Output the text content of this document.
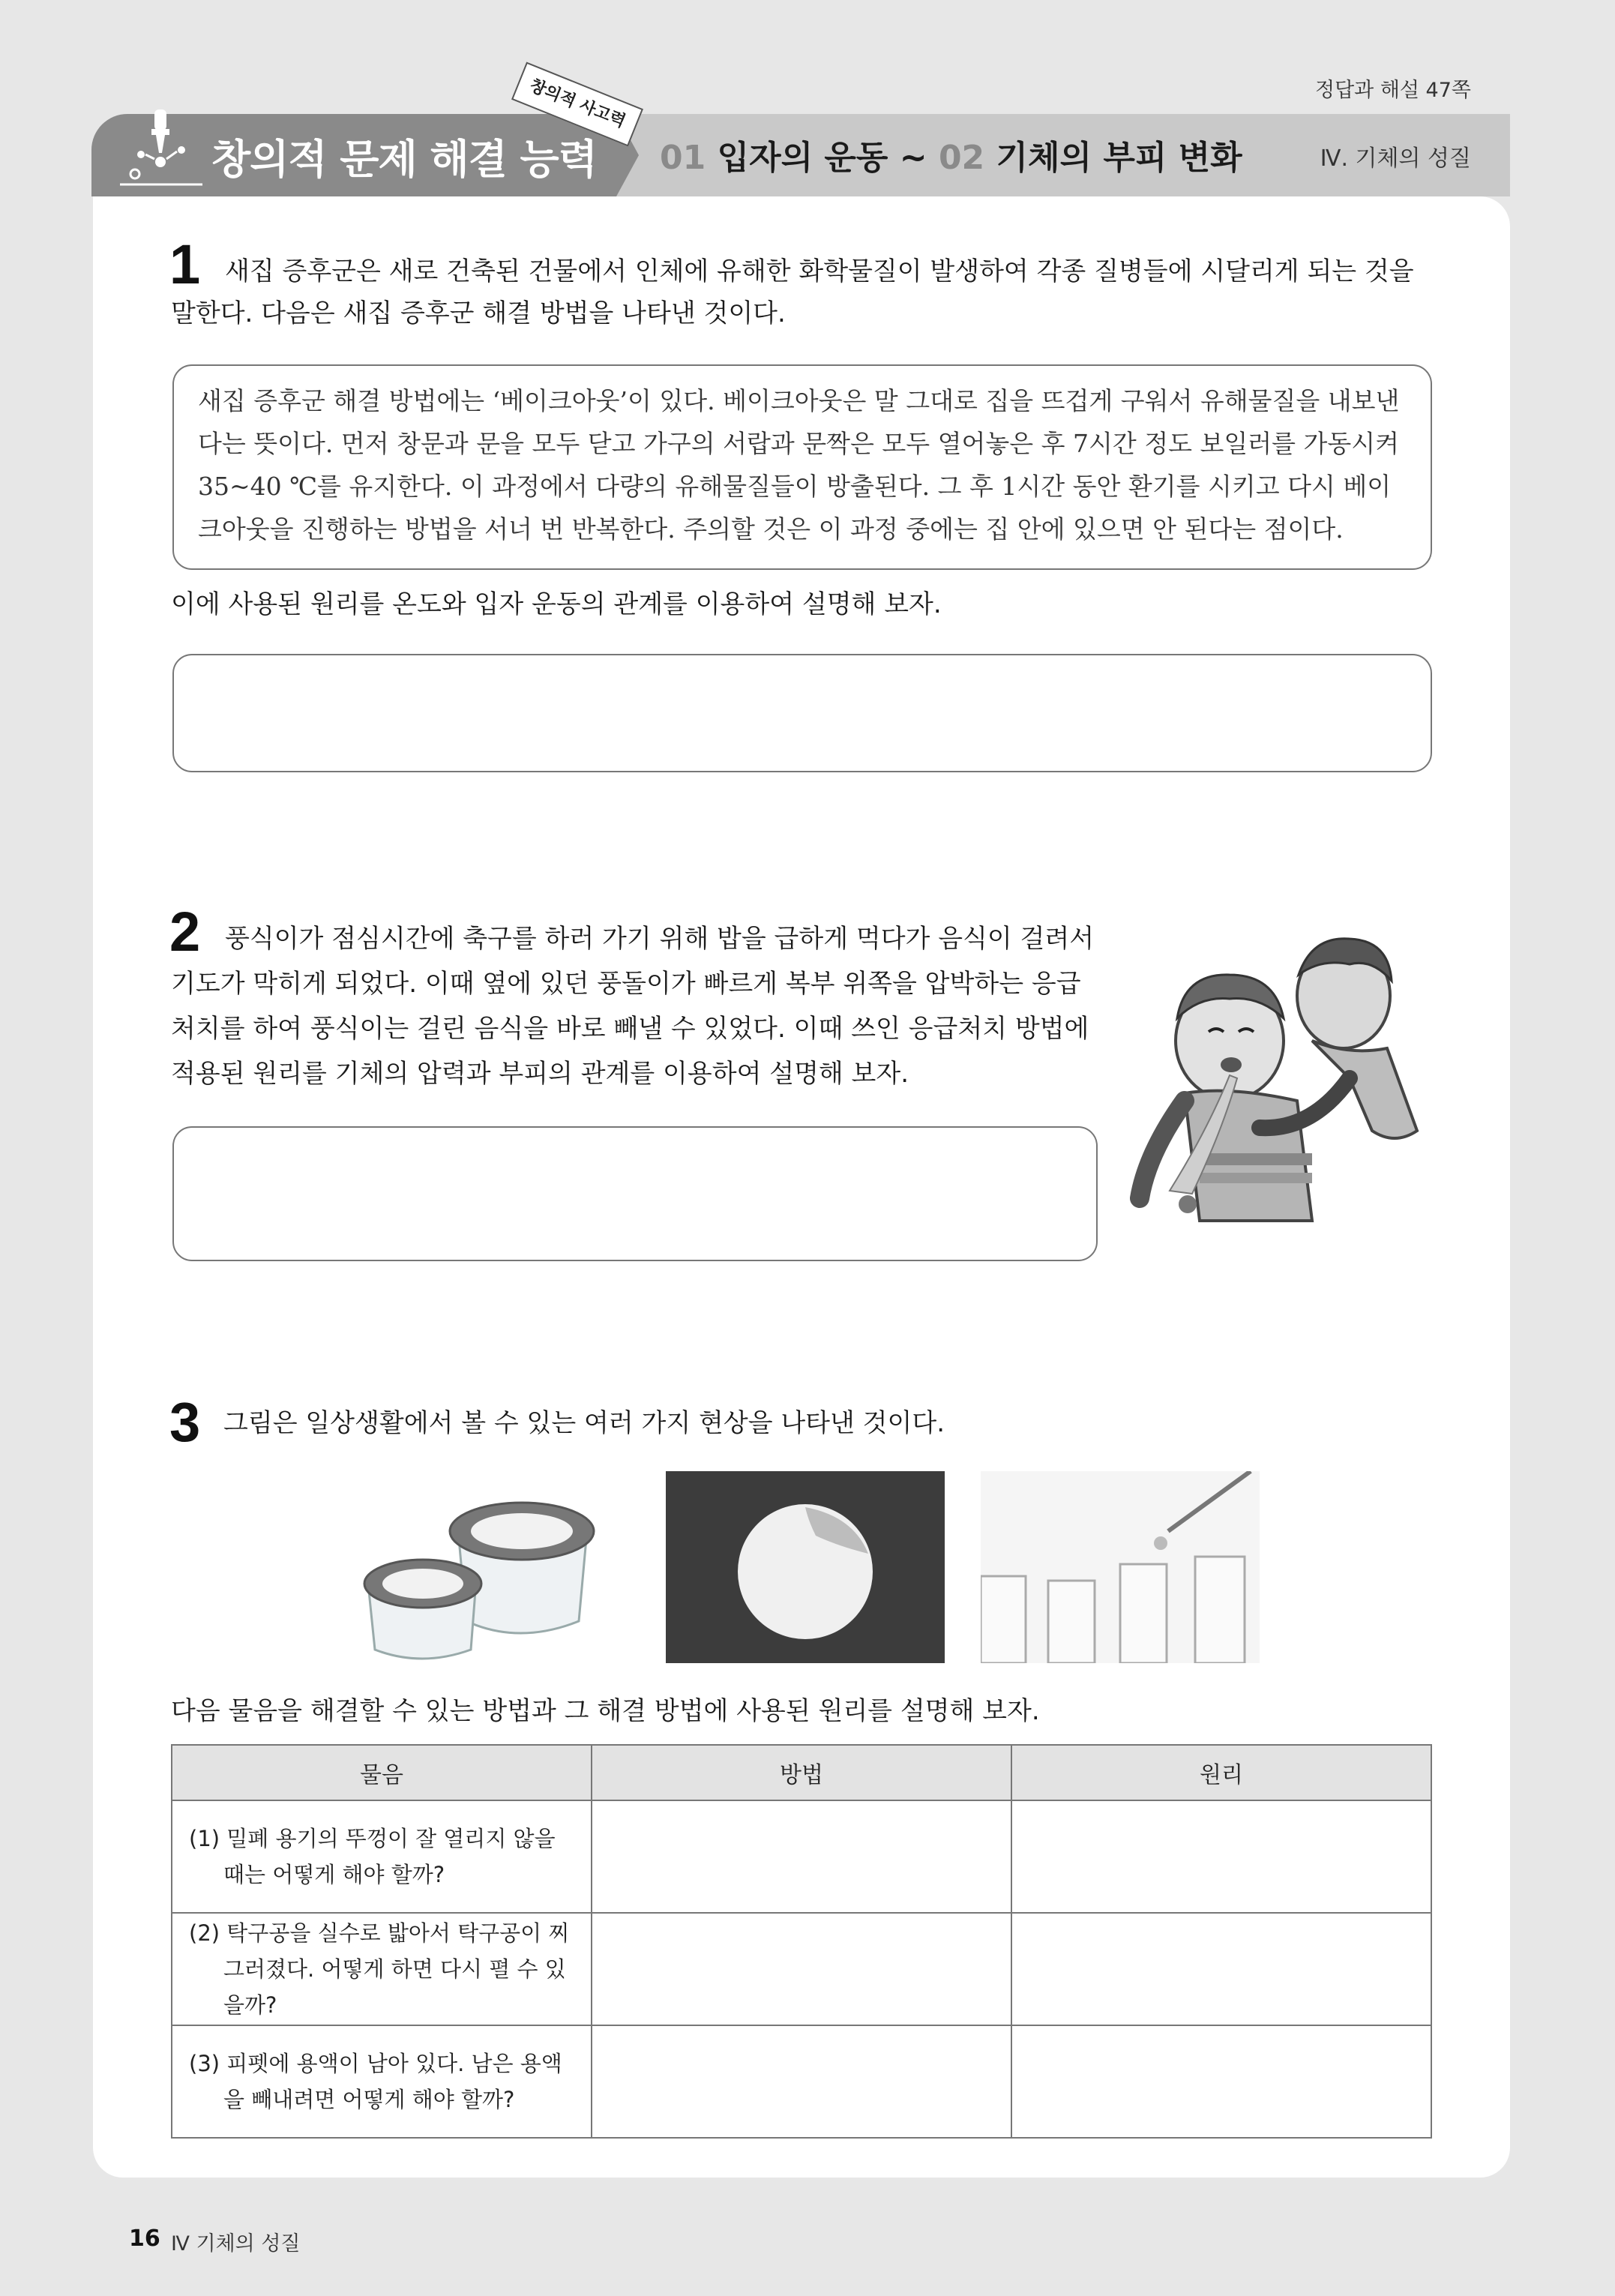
정답과 해설 47쪽
창의적 문제 해결 능력
창의적 사고력
01 입자의 운동 ~ 02 기체의 부피 변화	Ⅳ. 기체의 성질
1 새집 증후군은 새로 건축된 건물에서 인체에 유해한 화학물질이 발생하여 각종 질병들에 시달리게 되는 것을 말한다. 다음은 새집 증후군 해결 방법을 나타낸 것이다.
새집 증후군 해결 방법에는 ‘베이크아웃’이 있다. 베이크아웃은 말 그대로 집을 뜨겁게 구워서 유해물질을 내보낸다는 뜻이다. 먼저 창문과 문을 모두 닫고 가구의 서랍과 문짝은 모두 열어놓은 후 7시간 정도 보일러를 가동시켜 35~40 ℃를 유지한다. 이 과정에서 다량의 유해물질들이 방출된다. 그 후 1시간 동안 환기를 시키고 다시 베이크아웃을 진행하는 방법을 서너 번 반복한다. 주의할 것은 이 과정 중에는 집 안에 있으면 안 된다는 점이다.
이에 사용된 원리를 온도와 입자 운동의 관계를 이용하여 설명해 보자.
2 풍식이가 점심시간에 축구를 하러 가기 위해 밥을 급하게 먹다가 음식이 걸려서 기도가 막히게 되었다. 이때 옆에 있던 풍돌이가 빠르게 복부 위쪽을 압박하는 응급처치를 하여 풍식이는 걸린 음식을 바로 빼낼 수 있었다. 이때 쓰인 응급처치 방법에 적용된 원리를 기체의 압력과 부피의 관계를 이용하여 설명해 보자.
3 그림은 일상생활에서 볼 수 있는 여러 가지 현상을 나타낸 것이다.
다음 물음을 해결할 수 있는 방법과 그 해결 방법에 사용된 원리를 설명해 보자.
물음	방법	원리

(1) 밀폐 용기의 뚜껑이 잘 열리지 않을 때는 어떻게 해야 할까?		

(2) 탁구공을 실수로 밟아서 탁구공이 찌그러졌다. 어떻게 하면 다시 펼 수 있을까?		

(3) 피펫에 용액이 남아 있다. 남은 용액을 빼내려면 어떻게 해야 할까?		

16 Ⅳ 기체의 성질
